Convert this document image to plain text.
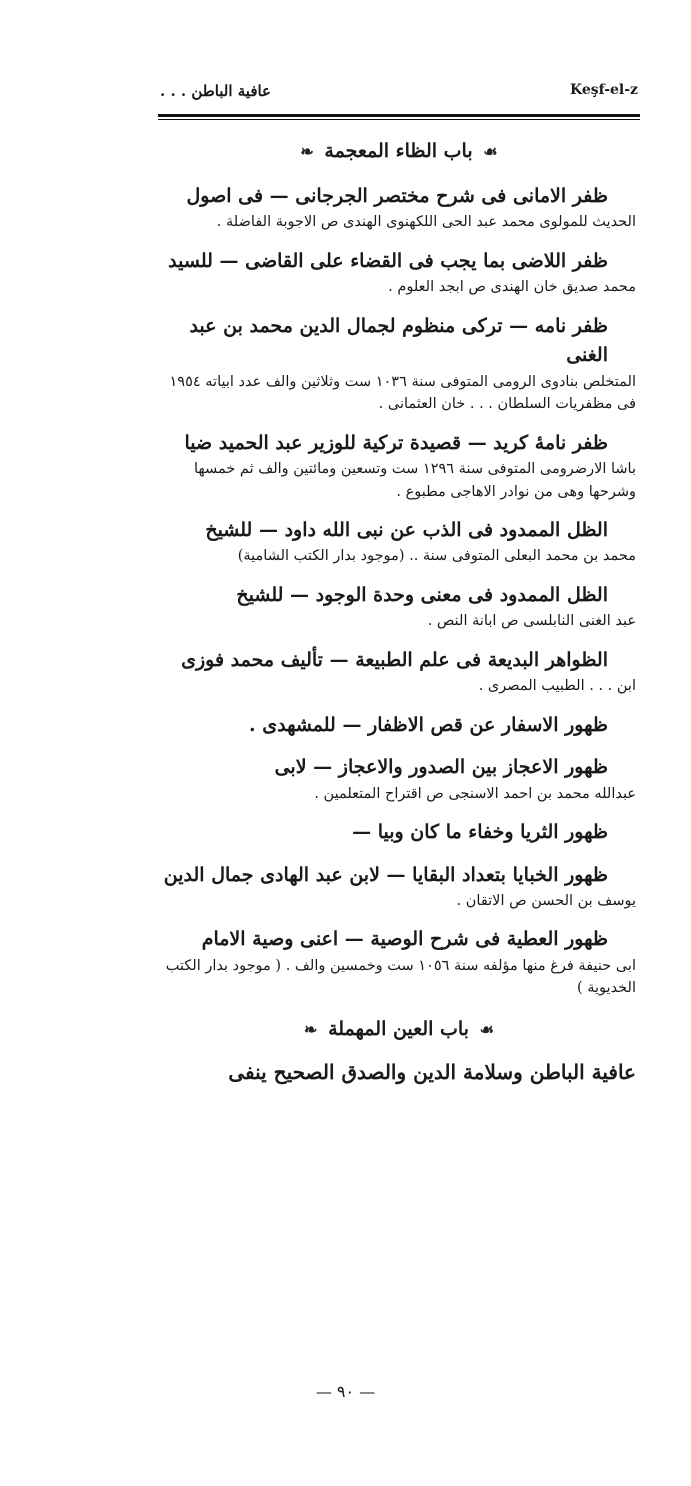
عافية الباطن . . .	Keşf-el-z
☙ باب الظاء المعجمة ❧
ظفر الامانى فى شرح مختصر الجرجانى — فى اصول
الحديث للمولوى محمد عبد الحى اللكهنوى الهندى ص الاجوبة الفاضلة .
ظفر اللاضى بما يجب فى القضاء على القاضى — للسيد
محمد صديق خان الهندى ص ابجد العلوم .
ظفر نامه — تركى منظوم لجمال الدين محمد بن عبد الغنى
المتخلص بنادوى الرومى المتوفى سنة ١٠٣٦ ست وثلاثين والف عدد ابياته ١٩٥٤ فى مظفريات السلطان . . . خان العثمانى .
ظفر نامۀ كريد — قصيدة تركية للوزير عبد الحميد ضيا
باشا الارضرومى المتوفى سنة ١٢٩٦ ست وتسعين ومائتين والف ثم خمسها وشرحها وهى من نوادر الاهاجى مطبوع .
الظل الممدود فى الذب عن نبى الله داود — للشيخ
محمد بن محمد البعلى المتوفى سنة .. (موجود بدار الكتب الشامية)
الظل الممدود فى معنى وحدة الوجود — للشيخ
عبد الغنى النابلسى ص ابانة النص .
الظواهر البديعة فى علم الطبيعة — تأليف محمد فوزى
ابن . . . الطبيب المصرى .
ظهور الاسفار عن قص الاظفار — للمشهدى .
ظهور الاعجاز بين الصدور والاعجاز — لابى
عبدالله محمد بن احمد الاسنجى ص اقتراح المتعلمين .
ظهور الثريا وخفاء ما كان وبيا —
ظهور الخبايا بتعداد البقايا — لابن عبد الهادى جمال الدين
يوسف بن الحسن ص الاتقان .
ظهور العطية فى شرح الوصية — اعنى وصية الامام
ابى حنيفة فرغ منها مؤلفه سنة ١٠٥٦ ست وخمسين والف . ( موجود بدار الكتب الخديوية )
☙ باب العين المهملة ❧
عافية الباطن وسلامة الدين والصدق الصحيح ينفى
— ٩٠ —
